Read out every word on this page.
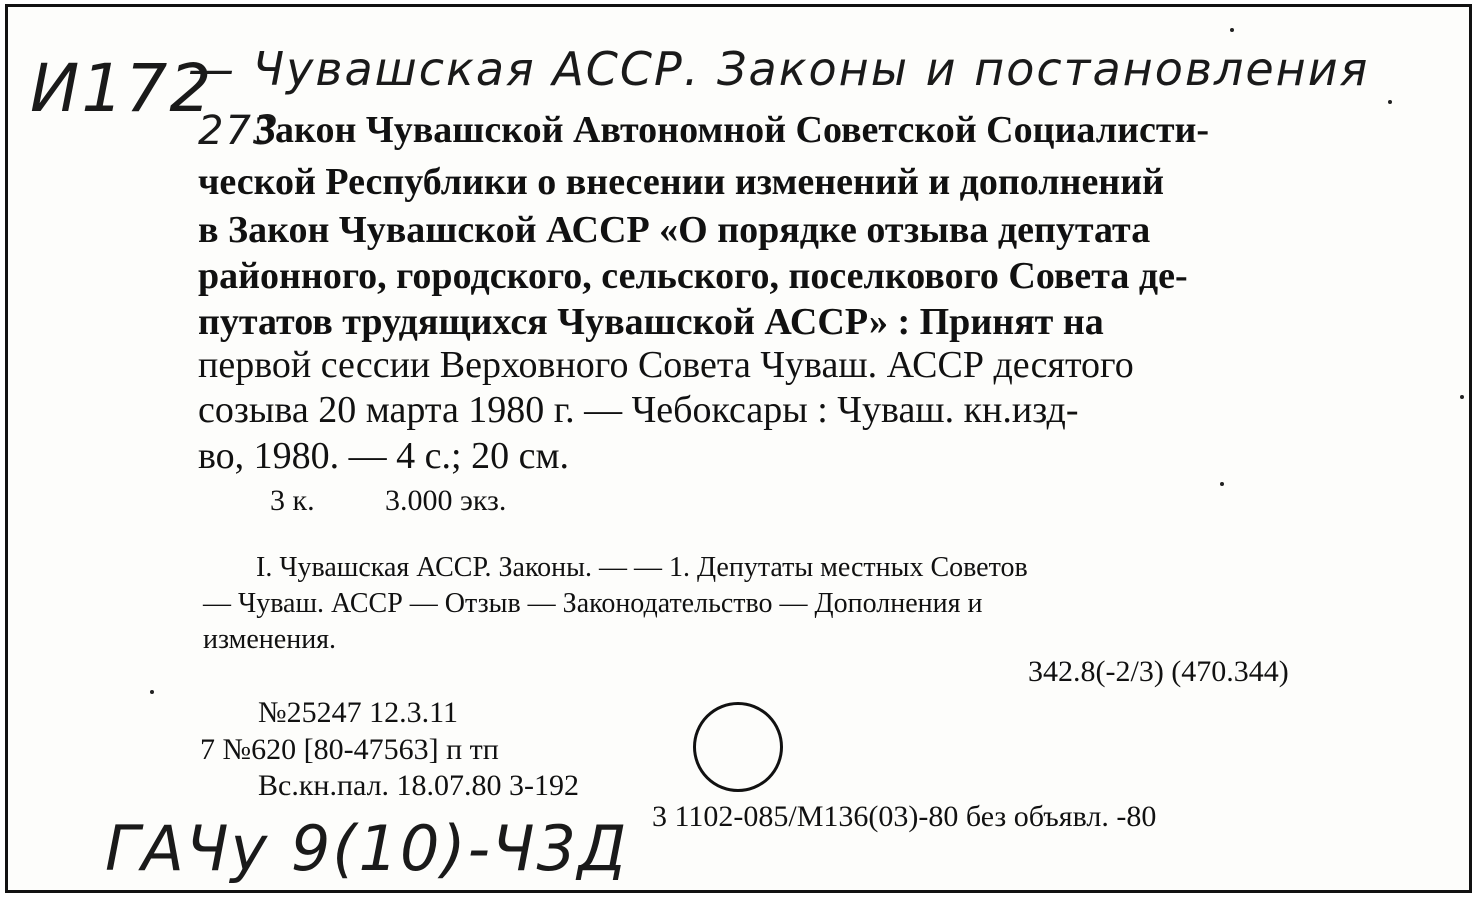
И172
273
— Чувашская АССР. Законы и постановления
Закон Чувашской Автономной Советской Социалисти-
ческой Республики о внесении изменений и дополнений
в Закон Чувашской АССР «О порядке отзыва депутата
районного, городского, сельского, поселкового Совета де-
путатов трудящихся Чувашской АССР» : Принят на
первой сессии Верховного Совета Чуваш. АССР десятого
созыва 20 марта 1980 г. — Чебоксары : Чуваш. кн.изд-
во, 1980. — 4 с.; 20 см.
3 к. 3.000 экз.
I. Чувашская АССР. Законы. — — 1. Депутаты местных Советов
— Чуваш. АССР — Отзыв — Законодательство — Дополнения и
изменения.
342.8(-2/3) (470.344)
№25247 12.3.11
7 №620 [80-47563] п тп
Вс.кн.пал. 18.07.80 3-192
3 1102-085/М136(03)-80 без объявл. -80
ГАЧу 9(10)-Ч3Д
